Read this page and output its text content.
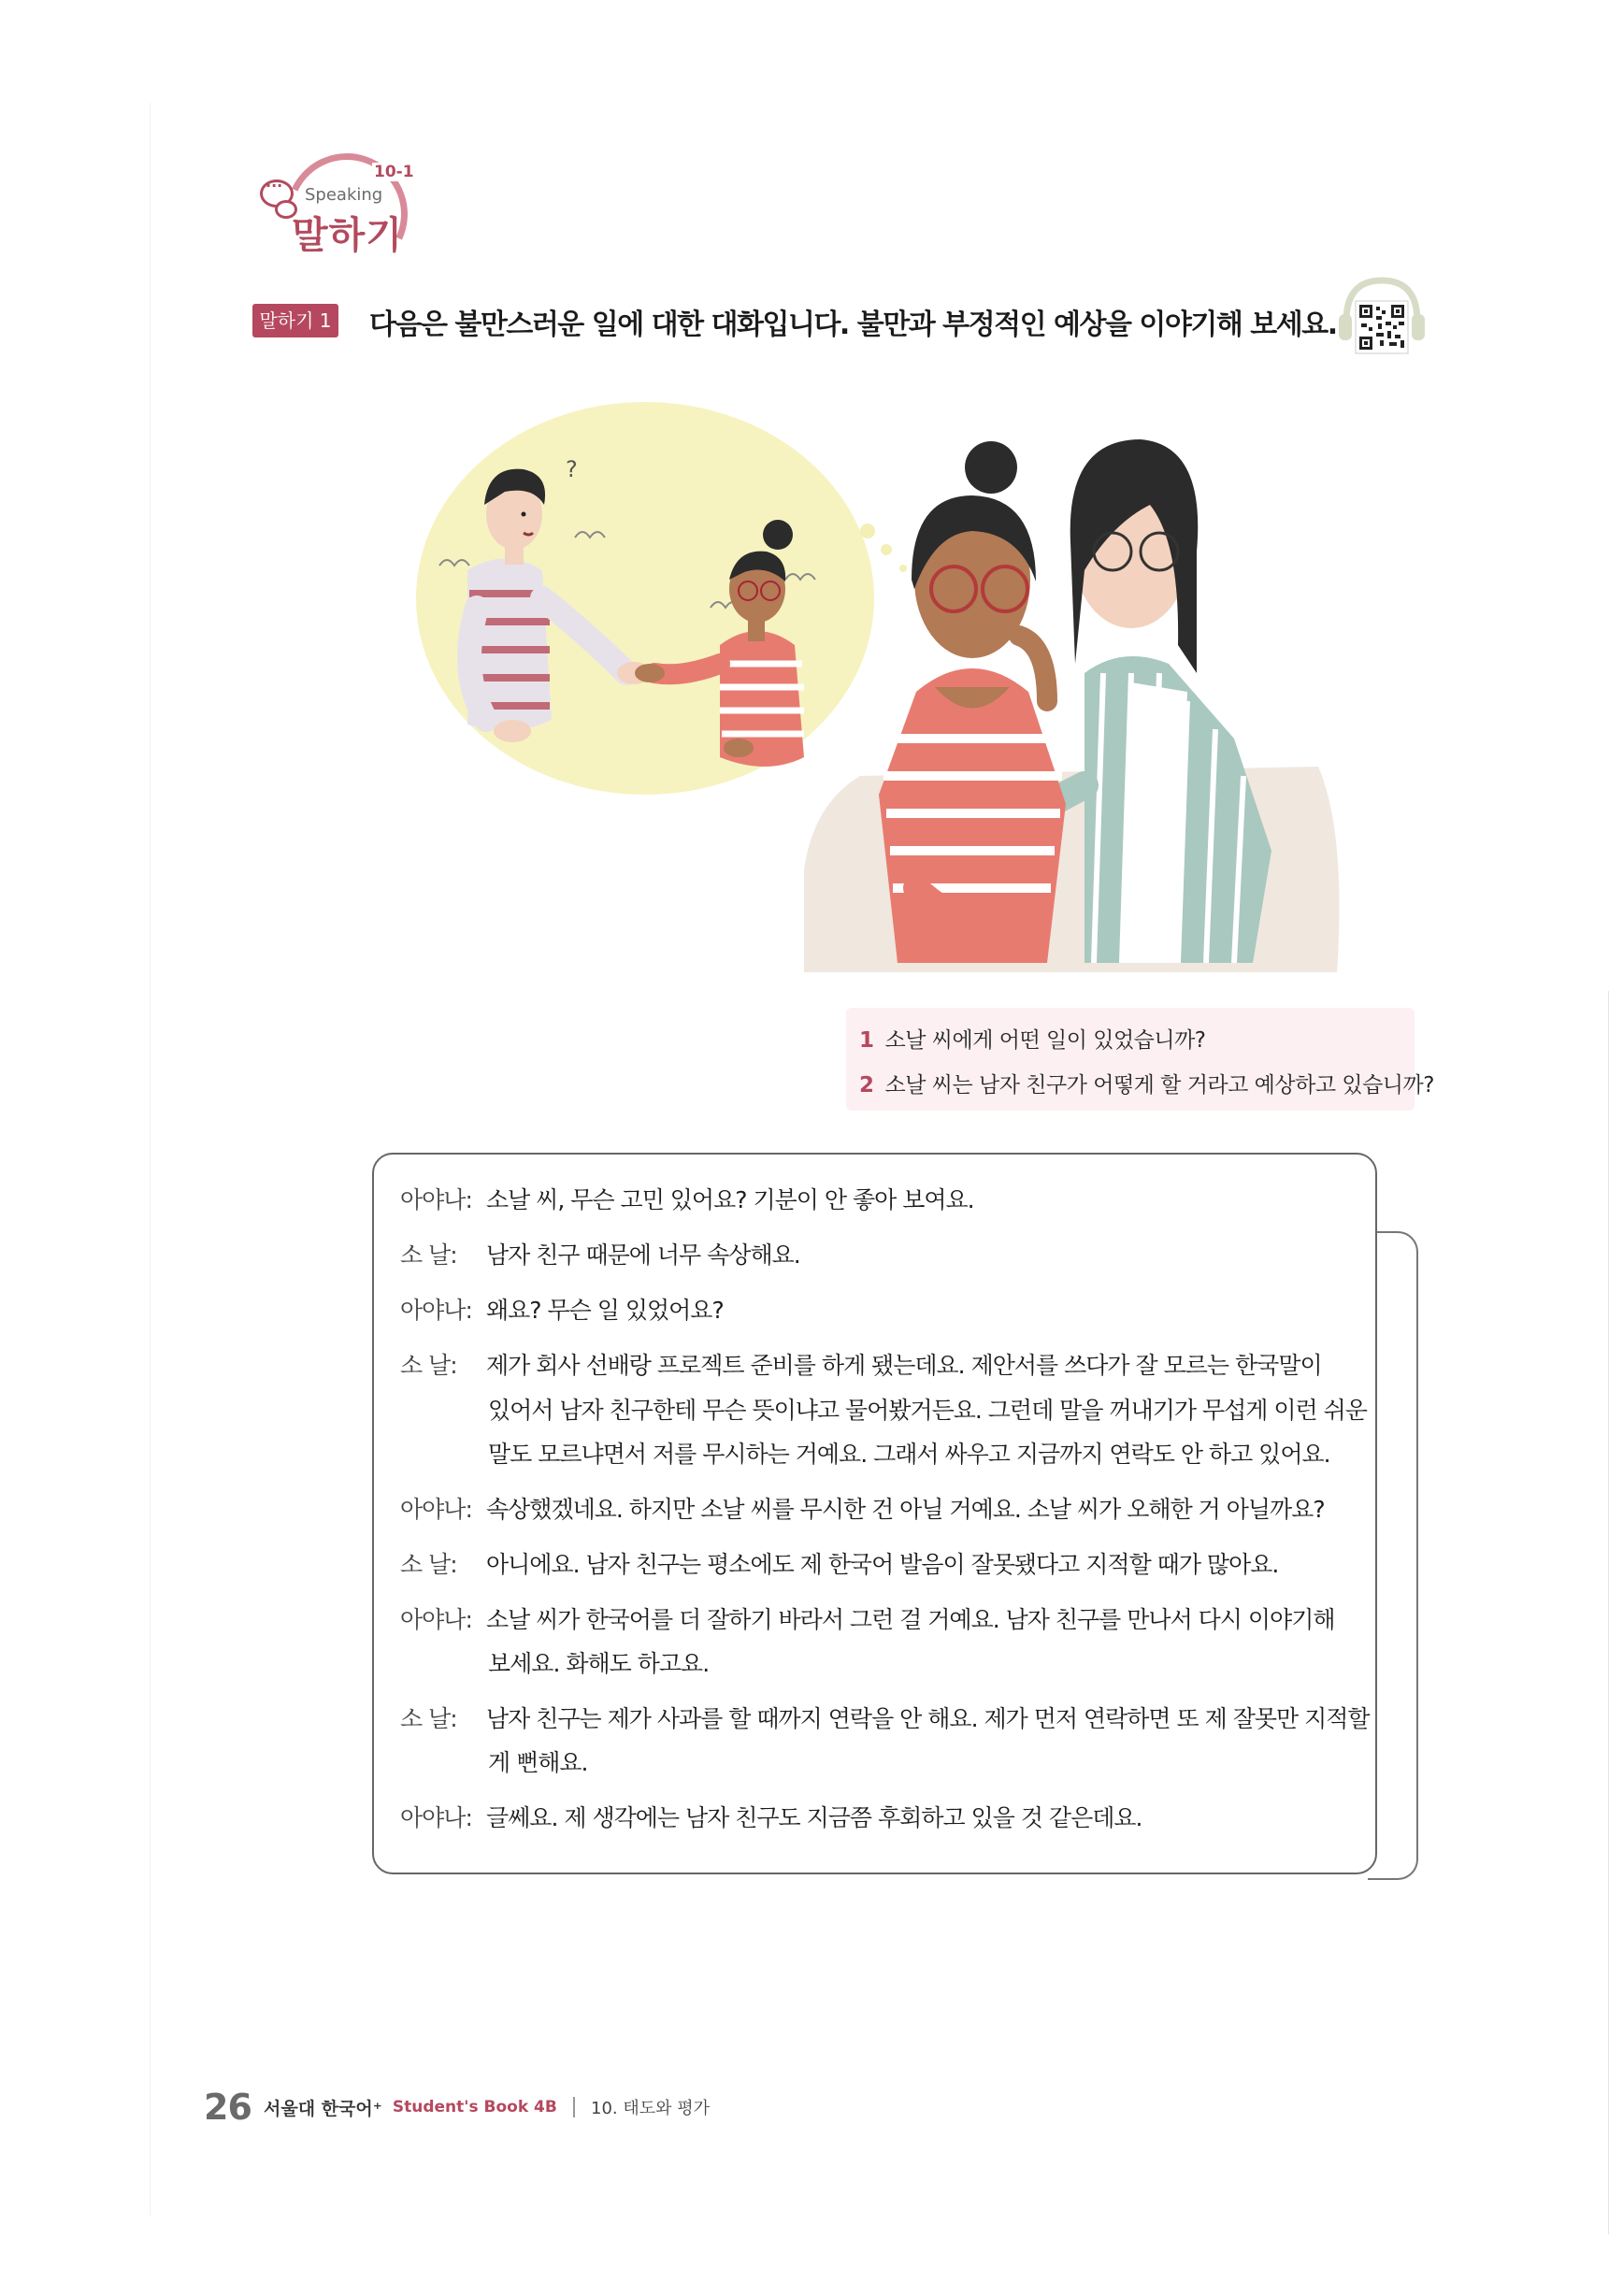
10-1
···
Speaking
말하기
말하기 1 다음은 불만스러운 일에 대한 대화입니다. 불만과 부정적인 예상을 이야기해 보세요.
?
1 소날 씨에게 어떤 일이 있었습니까?
2 소날 씨는 남자 친구가 어떻게 할 거라고 예상하고 있습니까?
아야나: 소날 씨, 무슨 고민 있어요? 기분이 안 좋아 보여요.
소 날: 남자 친구 때문에 너무 속상해요.
아야나: 왜요? 무슨 일 있었어요?
소 날: 제가 회사 선배랑 프로젝트 준비를 하게 됐는데요. 제안서를 쓰다가 잘 모르는 한국말이
있어서 남자 친구한테 무슨 뜻이냐고 물어봤거든요. 그런데 말을 꺼내기가 무섭게 이런 쉬운
말도 모르냐면서 저를 무시하는 거예요. 그래서 싸우고 지금까지 연락도 안 하고 있어요.
아야나: 속상했겠네요. 하지만 소날 씨를 무시한 건 아닐 거예요. 소날 씨가 오해한 거 아닐까요?
소 날: 아니에요. 남자 친구는 평소에도 제 한국어 발음이 잘못됐다고 지적할 때가 많아요.
아야나: 소날 씨가 한국어를 더 잘하기 바라서 그런 걸 거예요. 남자 친구를 만나서 다시 이야기해
보세요. 화해도 하고요.
소 날: 남자 친구는 제가 사과를 할 때까지 연락을 안 해요. 제가 먼저 연락하면 또 제 잘못만 지적할
게 뻔해요.
아야나: 글쎄요. 제 생각에는 남자 친구도 지금쯤 후회하고 있을 것 같은데요.
26 서울대 한국어⁺ Student's Book 4B 10. 태도와 평가
